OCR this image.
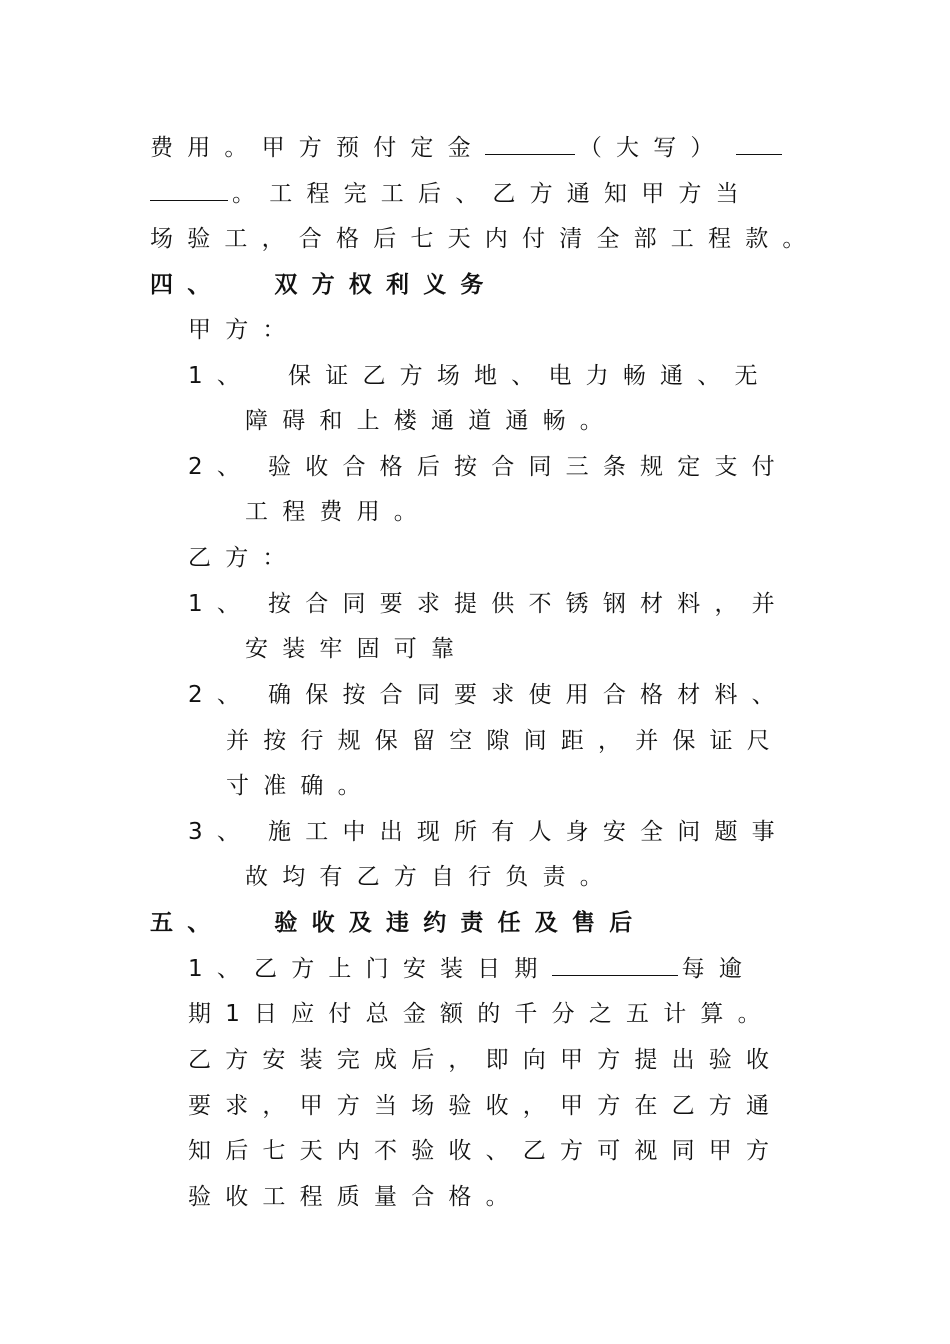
费用。甲方预付定金	（大写）
。工程完工后、乙方通知甲方当
场验工，合格后七天内付清全部工程款。
四、 双方权利义务
甲方：
1、 保证乙方场地、电力畅通、无
障碍和上楼通道通畅。
2、 验收合格后按合同三条规定支付
工程费用。
乙方：
1、 按合同要求提供不锈钢材料，并
安装牢固可靠
2、 确保按合同要求使用合格材料、
并按行规保留空隙间距，并保证尺
寸准确。
3、 施工中出现所有人身安全问题事
故均有乙方自行负责。
五、 验收及违约责任及售后
1、乙方上门安装日期	每逾
期1日应付总金额的千分之五计算。
乙方安装完成后，即向甲方提出验收
要求，甲方当场验收，甲方在乙方通
知后七天内不验收、乙方可视同甲方
验收工程质量合格。
